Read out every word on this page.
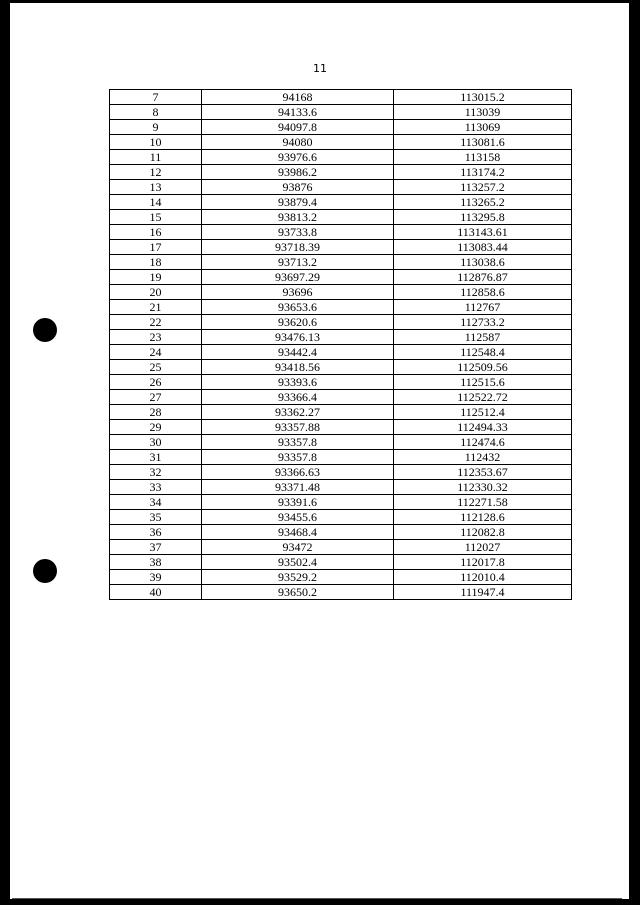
11
7	94168	113015.2
8	94133.6	113039
9	94097.8	113069
10	94080	113081.6
11	93976.6	113158
12	93986.2	113174.2
13	93876	113257.2
14	93879.4	113265.2
15	93813.2	113295.8
16	93733.8	113143.61
17	93718.39	113083.44
18	93713.2	113038.6
19	93697.29	112876.87
20	93696	112858.6
21	93653.6	112767
22	93620.6	112733.2
23	93476.13	112587
24	93442.4	112548.4
25	93418.56	112509.56
26	93393.6	112515.6
27	93366.4	112522.72
28	93362.27	112512.4
29	93357.88	112494.33
30	93357.8	112474.6
31	93357.8	112432
32	93366.63	112353.67
33	93371.48	112330.32
34	93391.6	112271.58
35	93455.6	112128.6
36	93468.4	112082.8
37	93472	112027
38	93502.4	112017.8
39	93529.2	112010.4
40	93650.2	111947.4
